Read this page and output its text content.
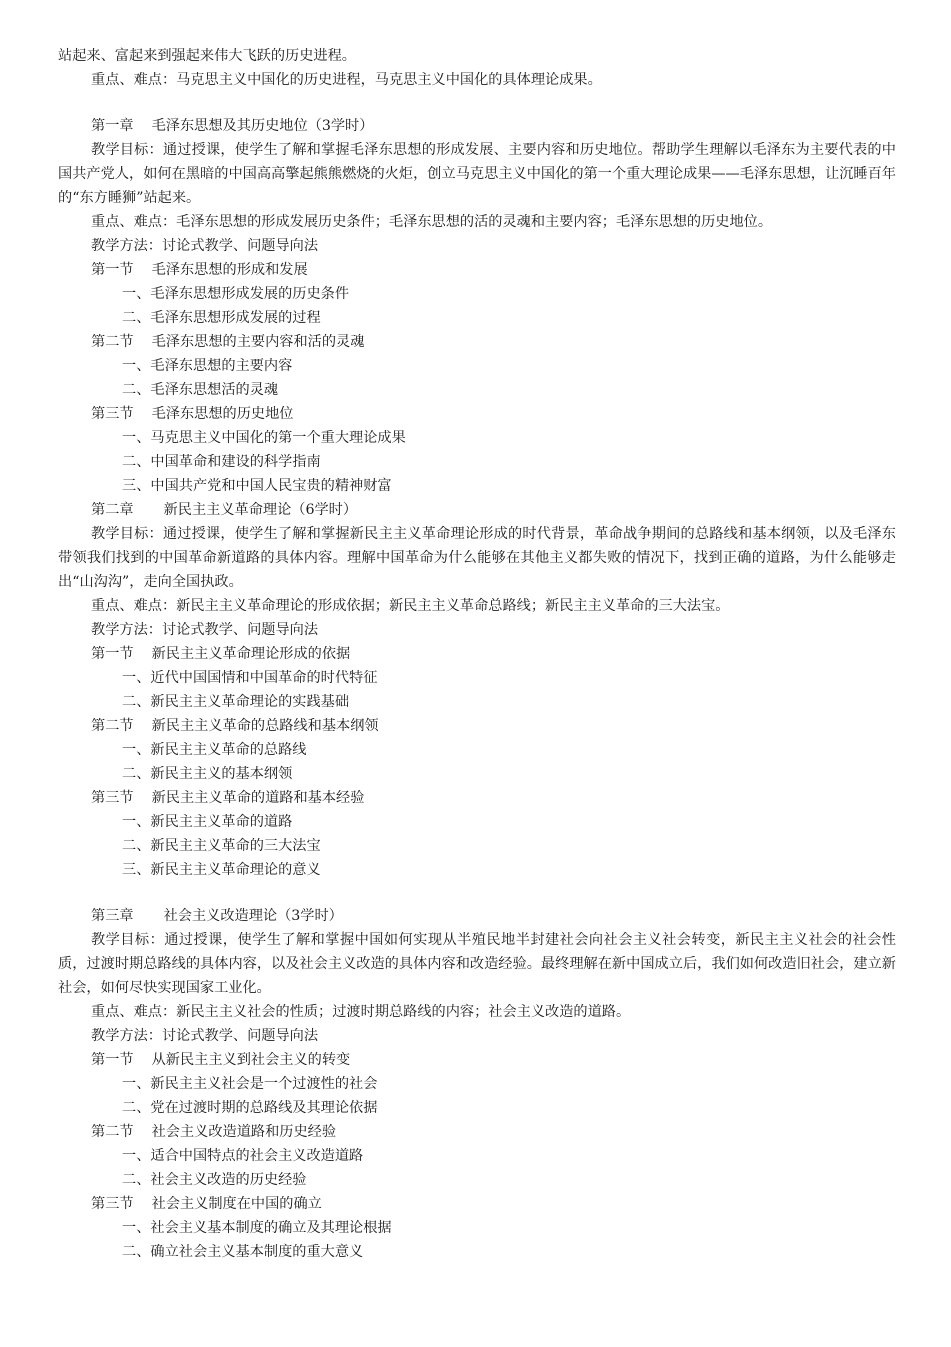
站起来、富起来到强起来伟大飞跃的历史进程。
重点、难点：马克思主义中国化的历史进程，马克思主义中国化的具体理论成果。
第一章 毛泽东思想及其历史地位（3学时）
教学目标：通过授课，使学生了解和掌握毛泽东思想的形成发展、主要内容和历史地位。帮助学生理解以毛泽东为主要代表的中国共产党人，如何在黑暗的中国高高擎起熊熊燃烧的火炬，创立马克思主义中国化的第一个重大理论成果——毛泽东思想，让沉睡百年的“东方睡狮”站起来。
重点、难点：毛泽东思想的形成发展历史条件；毛泽东思想的活的灵魂和主要内容；毛泽东思想的历史地位。
教学方法：讨论式教学、问题导向法
第一节 毛泽东思想的形成和发展
一、毛泽东思想形成发展的历史条件
二、毛泽东思想形成发展的过程
第二节 毛泽东思想的主要内容和活的灵魂
一、毛泽东思想的主要内容
二、毛泽东思想活的灵魂
第三节 毛泽东思想的历史地位
一、马克思主义中国化的第一个重大理论成果
二、中国革命和建设的科学指南
三、中国共产党和中国人民宝贵的精神财富
第二章 新民主主义革命理论（6学时）
教学目标：通过授课，使学生了解和掌握新民主主义革命理论形成的时代背景，革命战争期间的总路线和基本纲领，以及毛泽东带领我们找到的中国革命新道路的具体内容。理解中国革命为什么能够在其他主义都失败的情况下，找到正确的道路，为什么能够走出“山沟沟”，走向全国执政。
重点、难点：新民主主义革命理论的形成依据；新民主主义革命总路线；新民主主义革命的三大法宝。
教学方法：讨论式教学、问题导向法
第一节 新民主主义革命理论形成的依据
一、近代中国国情和中国革命的时代特征
二、新民主主义革命理论的实践基础
第二节 新民主主义革命的总路线和基本纲领
一、新民主主义革命的总路线
二、新民主主义的基本纲领
第三节 新民主主义革命的道路和基本经验
一、新民主主义革命的道路
二、新民主主义革命的三大法宝
三、新民主主义革命理论的意义
第三章 社会主义改造理论（3学时）
教学目标：通过授课，使学生了解和掌握中国如何实现从半殖民地半封建社会向社会主义社会转变，新民主主义社会的社会性质，过渡时期总路线的具体内容，以及社会主义改造的具体内容和改造经验。最终理解在新中国成立后，我们如何改造旧社会，建立新社会，如何尽快实现国家工业化。
重点、难点：新民主主义社会的性质；过渡时期总路线的内容；社会主义改造的道路。
教学方法：讨论式教学、问题导向法
第一节 从新民主主义到社会主义的转变
一、新民主主义社会是一个过渡性的社会
二、党在过渡时期的总路线及其理论依据
第二节 社会主义改造道路和历史经验
一、适合中国特点的社会主义改造道路
二、社会主义改造的历史经验
第三节 社会主义制度在中国的确立
一、社会主义基本制度的确立及其理论根据
二、确立社会主义基本制度的重大意义
